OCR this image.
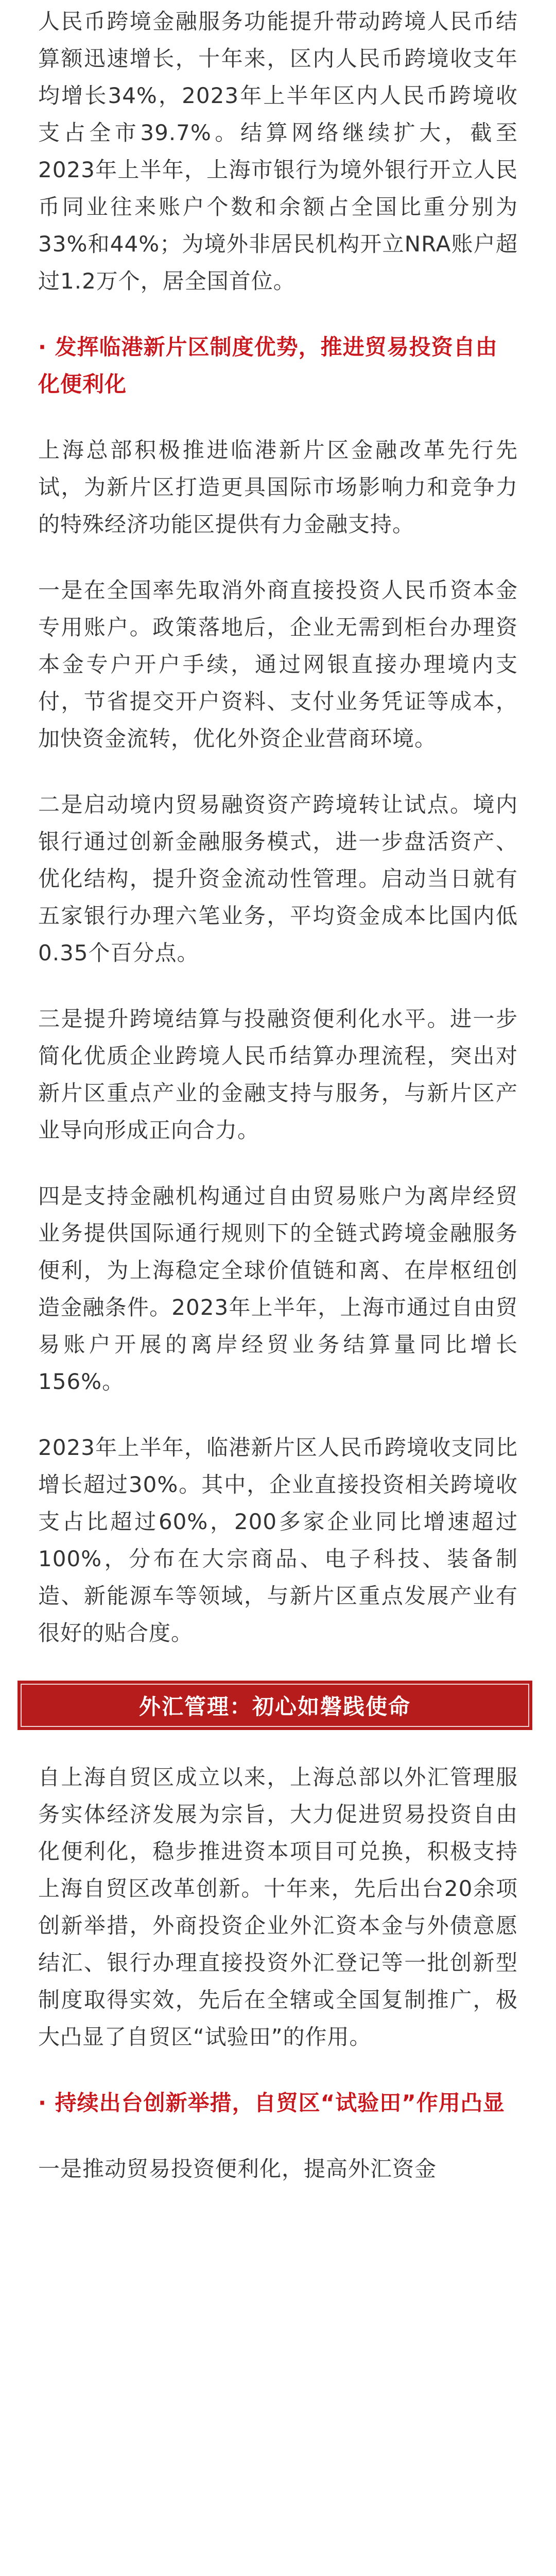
人民币跨境金融服务功能提升带动跨境人民币结算额迅速增长，十年来，区内人民币跨境收支年均增长34%，2023年上半年区内人民币跨境收支占全市39.7%。结算网络继续扩大，截至2023年上半年，上海市银行为境外银行开立人民币同业往来账户个数和余额占全国比重分别为33%和44%；为境外非居民机构开立NRA账户超过1.2万个，居全国首位。

· 发挥临港新片区制度优势，推进贸易投资自由化便利化

上海总部积极推进临港新片区金融改革先行先试，为新片区打造更具国际市场影响力和竞争力的特殊经济功能区提供有力金融支持。

一是在全国率先取消外商直接投资人民币资本金专用账户。政策落地后，企业无需到柜台办理资本金专户开户手续，通过网银直接办理境内支付，节省提交开户资料、支付业务凭证等成本，加快资金流转，优化外资企业营商环境。

二是启动境内贸易融资资产跨境转让试点。境内银行通过创新金融服务模式，进一步盘活资产、优化结构，提升资金流动性管理。启动当日就有五家银行办理六笔业务，平均资金成本比国内低0.35个百分点。

三是提升跨境结算与投融资便利化水平。进一步简化优质企业跨境人民币结算办理流程，突出对新片区重点产业的金融支持与服务，与新片区产业导向形成正向合力。

四是支持金融机构通过自由贸易账户为离岸经贸业务提供国际通行规则下的全链式跨境金融服务便利，为上海稳定全球价值链和离、在岸枢纽创造金融条件。2023年上半年，上海市通过自由贸易账户开展的离岸经贸业务结算量同比增长156%。

2023年上半年，临港新片区人民币跨境收支同比增长超过30%。其中，企业直接投资相关跨境收支占比超过60%，200多家企业同比增速超过100%，分布在大宗商品、电子科技、装备制造、新能源车等领域，与新片区重点发展产业有很好的贴合度。

外汇管理：初心如磐践使命

自上海自贸区成立以来，上海总部以外汇管理服务实体经济发展为宗旨，大力促进贸易投资自由化便利化，稳步推进资本项目可兑换，积极支持上海自贸区改革创新。十年来，先后出台20余项创新举措，外商投资企业外汇资本金与外债意愿结汇、银行办理直接投资外汇登记等一批创新型制度取得实效，先后在全辖或全国复制推广，极大凸显了自贸区“试验田”的作用。

· 持续出台创新举措，自贸区“试验田”作用凸显

一是推动贸易投资便利化，提高外汇资金
